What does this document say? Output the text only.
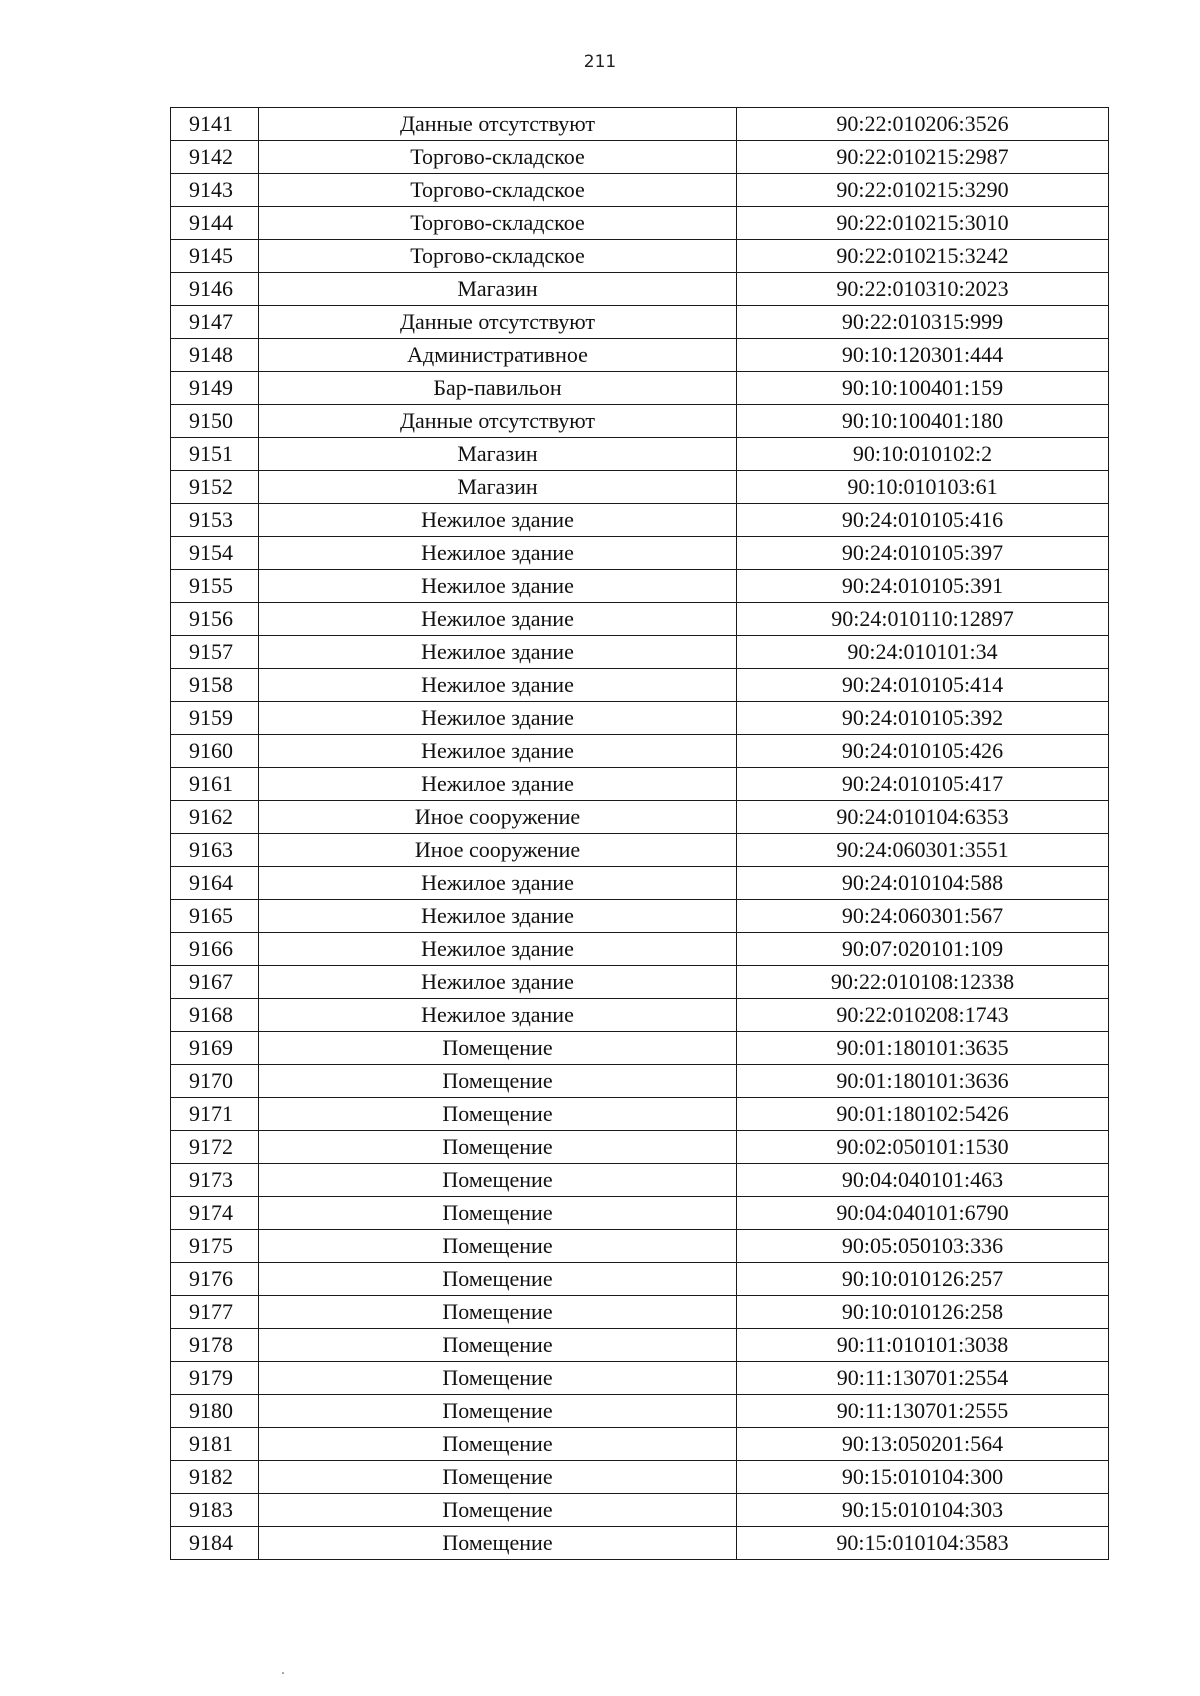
211
9141	Данные отсутствуют	90:22:010206:3526
9142	Торгово-складское	90:22:010215:2987
9143	Торгово-складское	90:22:010215:3290
9144	Торгово-складское	90:22:010215:3010
9145	Торгово-складское	90:22:010215:3242
9146	Магазин	90:22:010310:2023
9147	Данные отсутствуют	90:22:010315:999
9148	Административное	90:10:120301:444
9149	Бар-павильон	90:10:100401:159
9150	Данные отсутствуют	90:10:100401:180
9151	Магазин	90:10:010102:2
9152	Магазин	90:10:010103:61
9153	Нежилое здание	90:24:010105:416
9154	Нежилое здание	90:24:010105:397
9155	Нежилое здание	90:24:010105:391
9156	Нежилое здание	90:24:010110:12897
9157	Нежилое здание	90:24:010101:34
9158	Нежилое здание	90:24:010105:414
9159	Нежилое здание	90:24:010105:392
9160	Нежилое здание	90:24:010105:426
9161	Нежилое здание	90:24:010105:417
9162	Иное сооружение	90:24:010104:6353
9163	Иное сооружение	90:24:060301:3551
9164	Нежилое здание	90:24:010104:588
9165	Нежилое здание	90:24:060301:567
9166	Нежилое здание	90:07:020101:109
9167	Нежилое здание	90:22:010108:12338
9168	Нежилое здание	90:22:010208:1743
9169	Помещение	90:01:180101:3635
9170	Помещение	90:01:180101:3636
9171	Помещение	90:01:180102:5426
9172	Помещение	90:02:050101:1530
9173	Помещение	90:04:040101:463
9174	Помещение	90:04:040101:6790
9175	Помещение	90:05:050103:336
9176	Помещение	90:10:010126:257
9177	Помещение	90:10:010126:258
9178	Помещение	90:11:010101:3038
9179	Помещение	90:11:130701:2554
9180	Помещение	90:11:130701:2555
9181	Помещение	90:13:050201:564
9182	Помещение	90:15:010104:300
9183	Помещение	90:15:010104:303
9184	Помещение	90:15:010104:3583
